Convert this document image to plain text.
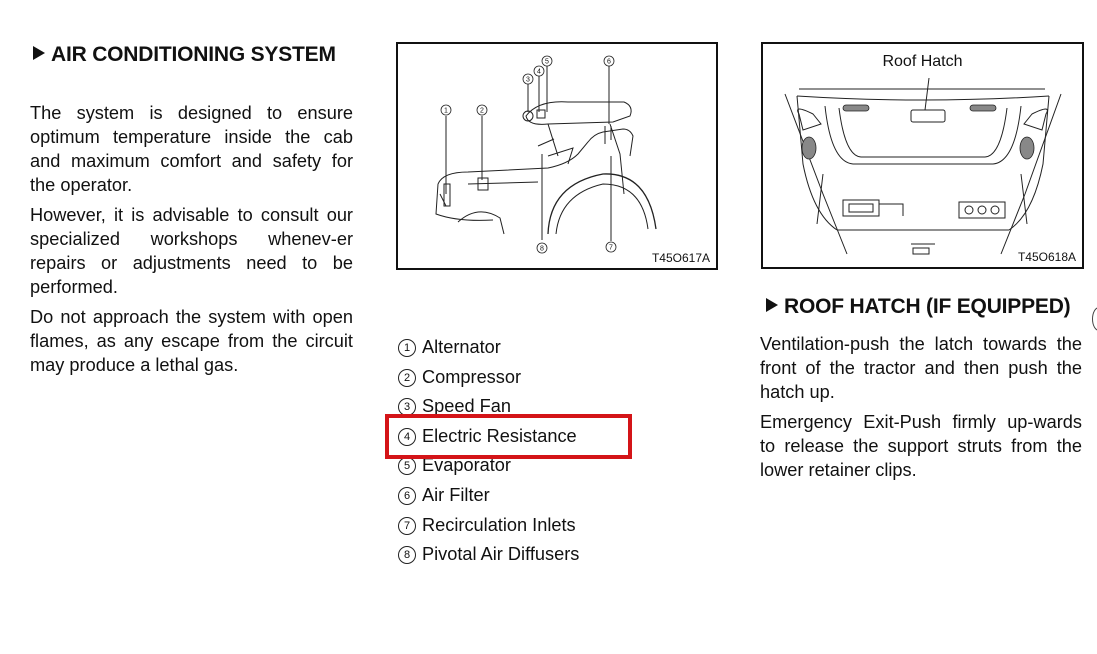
AIR CONDITIONING SYSTEM

The system is designed to ensure optimum temperature inside the cab and maximum comfort and safety for the operator.

However, it is advisable to consult our specialized workshops whenev-er repairs or adjustments need to be performed.

Do not approach the system with open flames, as any escape from the circuit may produce a lethal gas.

1	2
3
4
5	6
7
8
T45O617A
1 Alternator
2 Compressor
3 Speed Fan
4 Electric Resistance
5 Evaporator
6 Air Filter
7 Recirculation Inlets
8 Pivotal Air Diffusers
Roof Hatch
T45O618A
ROOF HATCH (IF EQUIPPED)

Ventilation-push the latch towards the front of the tractor and then push the hatch up.

Emergency Exit-Push firmly up-wards to release the support struts from the lower retainer clips.
